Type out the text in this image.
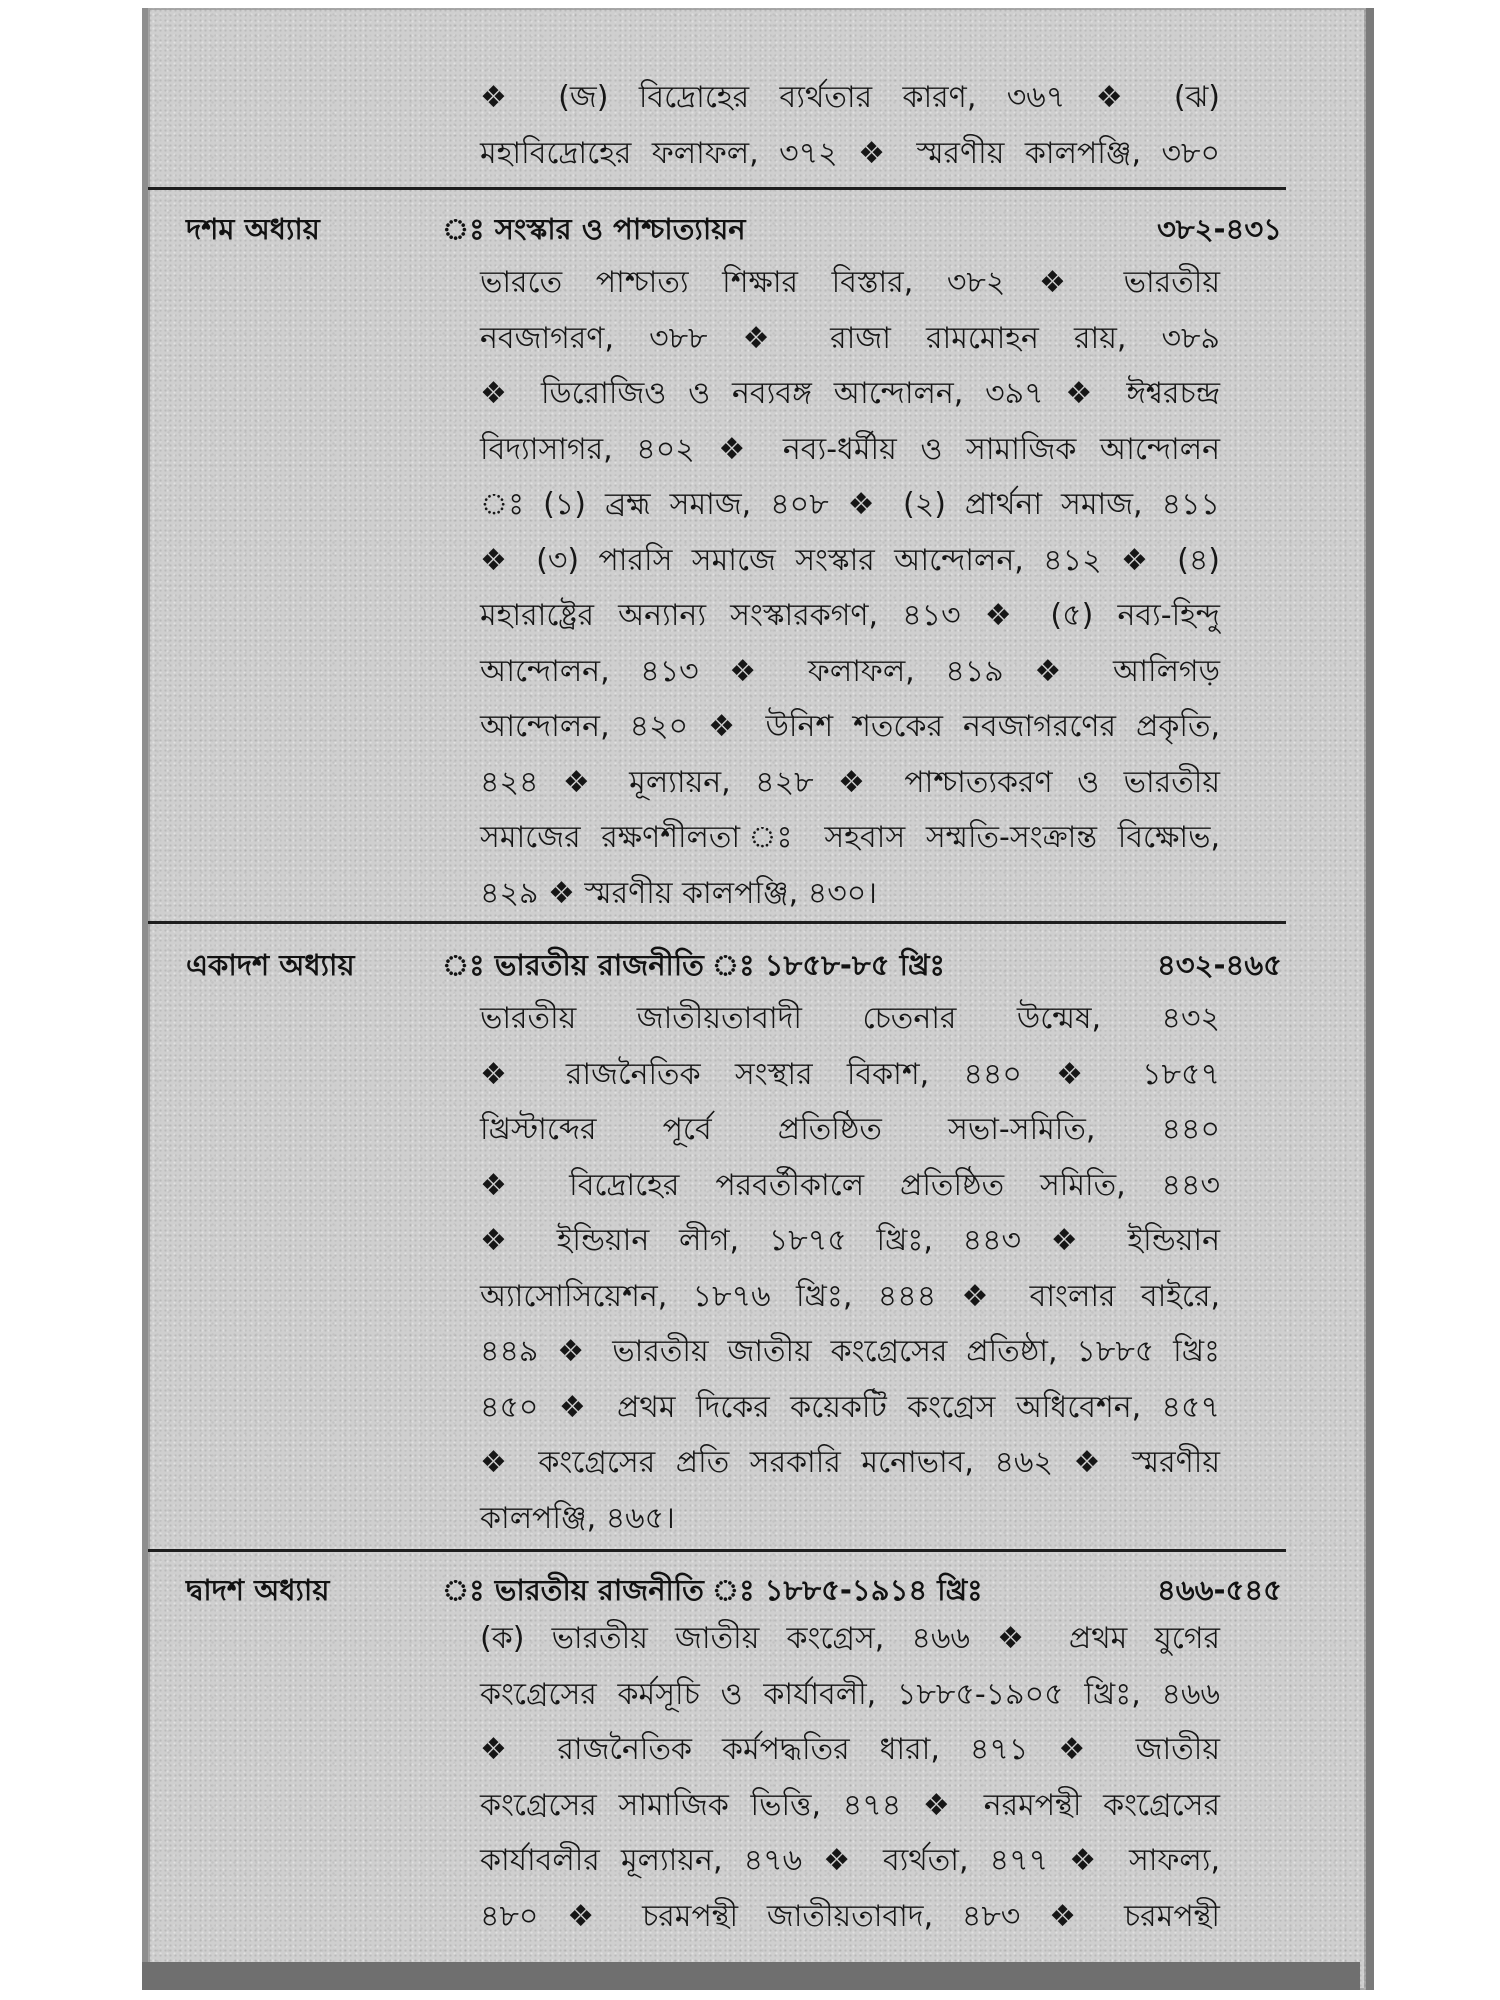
❖ (জ) বিদ্রোহের ব্যর্থতার কারণ, ৩৬৭ ❖ (ঝ)
মহাবিদ্রোহের ফলাফল, ৩৭২ ❖ স্মরণীয় কালপঞ্জি, ৩৮০
দশম অধ্যায়	ঃ সংস্কার ও পাশ্চাত্যায়ন	৩৮২-৪৩১
ভারতে পাশ্চাত্য শিক্ষার বিস্তার, ৩৮২ ❖ ভারতীয়
নবজাগরণ, ৩৮৮ ❖ রাজা রামমোহন রায়, ৩৮৯
❖ ডিরোজিও ও নব্যবঙ্গ আন্দোলন, ৩৯৭ ❖ ঈশ্বরচন্দ্র
বিদ্যাসাগর, ৪০২ ❖ নব্য-ধর্মীয় ও সামাজিক আন্দোলন
ঃ (১) ব্রহ্ম সমাজ, ৪০৮ ❖ (২) প্রার্থনা সমাজ, ৪১১
❖ (৩) পারসি সমাজে সংস্কার আন্দোলন, ৪১২ ❖ (৪)
মহারাষ্ট্রের অন্যান্য সংস্কারকগণ, ৪১৩ ❖ (৫) নব্য-হিন্দু
আন্দোলন, ৪১৩ ❖ ফলাফল, ৪১৯ ❖ আলিগড়
আন্দোলন, ৪২০ ❖ উনিশ শতকের নবজাগরণের প্রকৃতি,
৪২৪ ❖ মূল্যায়ন, ৪২৮ ❖ পাশ্চাত্যকরণ ও ভারতীয়
সমাজের রক্ষণশীলতা ঃ সহবাস সম্মতি-সংক্রান্ত বিক্ষোভ,
৪২৯ ❖ স্মরণীয় কালপঞ্জি, ৪৩০।
একাদশ অধ্যায়	ঃ ভারতীয় রাজনীতি ঃ ১৮৫৮-৮৫ খ্রিঃ	৪৩২-৪৬৫
ভারতীয় জাতীয়তাবাদী চেতনার উন্মেষ, ৪৩২
❖ রাজনৈতিক সংস্থার বিকাশ, ৪৪০ ❖ ১৮৫৭
খ্রিস্টাব্দের পূর্বে প্রতিষ্ঠিত সভা-সমিতি, ৪৪০
❖ বিদ্রোহের পরবর্তীকালে প্রতিষ্ঠিত সমিতি, ৪৪৩
❖ ইন্ডিয়ান লীগ, ১৮৭৫ খ্রিঃ, ৪৪৩ ❖ ইন্ডিয়ান
অ্যাসোসিয়েশন, ১৮৭৬ খ্রিঃ, ৪৪৪ ❖ বাংলার বাইরে,
৪৪৯ ❖ ভারতীয় জাতীয় কংগ্রেসের প্রতিষ্ঠা, ১৮৮৫ খ্রিঃ
৪৫০ ❖ প্রথম দিকের কয়েকটি কংগ্রেস অধিবেশন, ৪৫৭
❖ কংগ্রেসের প্রতি সরকারি মনোভাব, ৪৬২ ❖ স্মরণীয়
কালপঞ্জি, ৪৬৫।
দ্বাদশ অধ্যায়	ঃ ভারতীয় রাজনীতি ঃ ১৮৮৫-১৯১৪ খ্রিঃ	৪৬৬-৫৪৫
(ক) ভারতীয় জাতীয় কংগ্রেস, ৪৬৬ ❖ প্রথম যুগের
কংগ্রেসের কর্মসূচি ও কার্যাবলী, ১৮৮৫-১৯০৫ খ্রিঃ, ৪৬৬
❖ রাজনৈতিক কর্মপদ্ধতির ধারা, ৪৭১ ❖ জাতীয়
কংগ্রেসের সামাজিক ভিত্তি, ৪৭৪ ❖ নরমপন্থী কংগ্রেসের
কার্যাবলীর মূল্যায়ন, ৪৭৬ ❖ ব্যর্থতা, ৪৭৭ ❖ সাফল্য,
৪৮০ ❖ চরমপন্থী জাতীয়তাবাদ, ৪৮৩ ❖ চরমপন্থী
